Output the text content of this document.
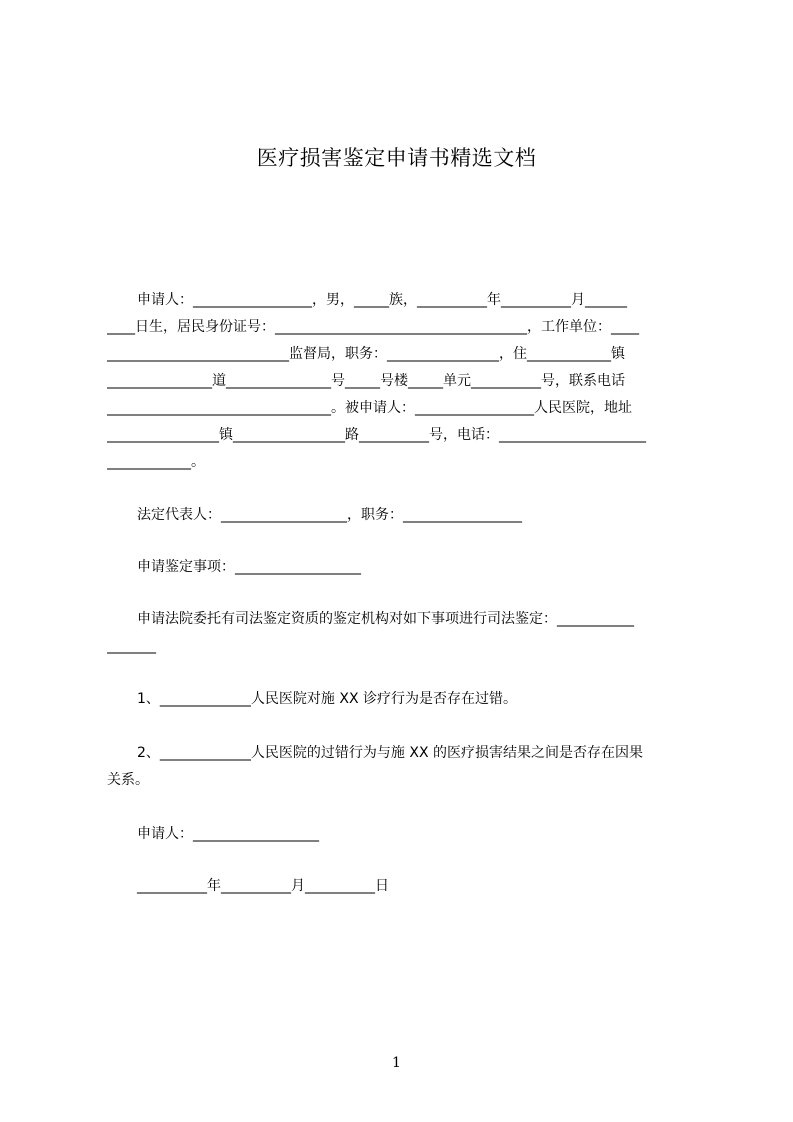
医疗损害鉴定申请书精选文档
申请人：_________________，男，_____族，__________年__________月______
____日生，居民身份证号：____________________________________，工作单位：____
__________________________监督局，职务：________________，住____________镇
_______________道_______________号_____号楼_____单元__________号，联系电话
________________________________。被申请人：_________________人民医院，地址
________________镇________________路__________号，电话：_____________________
____________。
法定代表人：__________________，职务：_________________
申请鉴定事项：__________________
申请法院委托有司法鉴定资质的鉴定机构对如下事项进行司法鉴定：___________
_______
1、_____________人民医院对施 XX 诊疗行为是否存在过错。
2、_____________人民医院的过错行为与施 XX 的医疗损害结果之间是否存在因果
关系。
申请人：__________________
__________年__________月__________日
1
